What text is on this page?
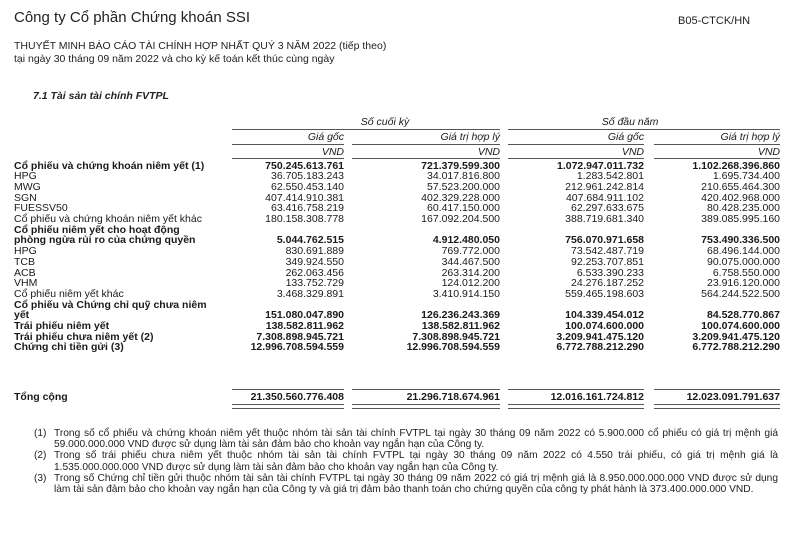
Công ty Cổ phần Chứng khoán SSI	B05-CTCK/HN
THUYẾT MINH BÁO CÁO TÀI CHÍNH HỢP NHẤT QUÝ 3 NĂM 2022 (tiếp theo)
tại ngày 30 tháng 09 năm 2022 và cho kỳ kế toán kết thúc cùng ngày
7.1 Tài sản tài chính FVTPL
Số cuối kỳ	Số đầu năm
Giá gốc	Giá trị hợp lý	Giá gốc	Giá trị hợp lý
VND	VND	VND	VND
Cổ phiếu và chứng khoán niêm yết (1)	750.245.613.761	721.379.599.300	1.072.947.011.732	1.102.268.396.860
HPG	36.705.183.243	34.017.816.800	1.283.542.801	1.695.734.400
MWG	62.550.453.140	57.523.200.000	212.961.242.814	210.655.464.300
SGN	407.414.910.381	402.329.228.000	407.684.911.102	420.402.968.000
FUESSV50	63.416.758.219	60.417.150.000	62.297.633.675	80.428.235.000
Cổ phiếu và chứng khoán niêm yết khác	180.158.308.778	167.092.204.500	388.719.681.340	389.085.995.160
Cổ phiếu niêm yết cho hoạt động
phòng ngừa rủi ro của chứng quyền	5.044.762.515	4.912.480.050	756.070.971.658	753.490.336.500
HPG	830.691.889	769.772.000	73.542.487.719	68.496.144.000
TCB	349.924.550	344.467.500	92.253.707.851	90.075.000.000
ACB	262.063.456	263.314.200	6.533.390.233	6.758.550.000
VHM	133.752.729	124.012.200	24.276.187.252	23.916.120.000
Cổ phiếu niêm yết khác	3.468.329.891	3.410.914.150	559.465.198.603	564.244.522.500
Cổ phiếu và Chứng chỉ quỹ chưa niêm
yết	151.080.047.890	126.236.243.369	104.339.454.012	84.528.770.867
Trái phiếu niêm yết	138.582.811.962	138.582.811.962	100.074.600.000	100.074.600.000
Trái phiếu chưa niêm yết (2)	7.308.898.945.721	7.308.898.945.721	3.209.941.475.120	3.209.941.475.120
Chứng chỉ tiền gửi (3)	12.996.708.594.559	12.996.708.594.559	6.772.788.212.290	6.772.788.212.290
Tổng cộng	21.350.560.776.408	21.296.718.674.961	12.016.161.724.812	12.023.091.791.637
(1) Trong số cổ phiếu và chứng khoán niêm yết thuộc nhóm tài sản tài chính FVTPL tại ngày 30 tháng 09 năm 2022 có 5.900.000 cổ phiếu có giá trị mệnh giá 59.000.000.000 VND được sử dụng làm tài sản đảm bảo cho khoản vay ngắn hạn của Công ty.
(2) Trong số trái phiếu chưa niêm yết thuộc nhóm tài sản tài chính FVTPL tại ngày 30 tháng 09 năm 2022 có 4.550 trái phiếu, có giá trị mệnh giá là 1.535.000.000.000 VND được sử dụng làm tài sản đảm bảo cho khoản vay ngắn hạn của Công ty.
(3) Trong số Chứng chỉ tiền gửi thuộc nhóm tài sản tài chính FVTPL tại ngày 30 tháng 09 năm 2022 có giá trị mệnh giá là 8.950.000.000.000 VND được sử dụng làm tài sản đảm bảo cho khoản vay ngắn hạn của Công ty và giá trị đảm bảo thanh toán cho chứng quyền của công ty phát hành là 373.400.000.000 VND.
